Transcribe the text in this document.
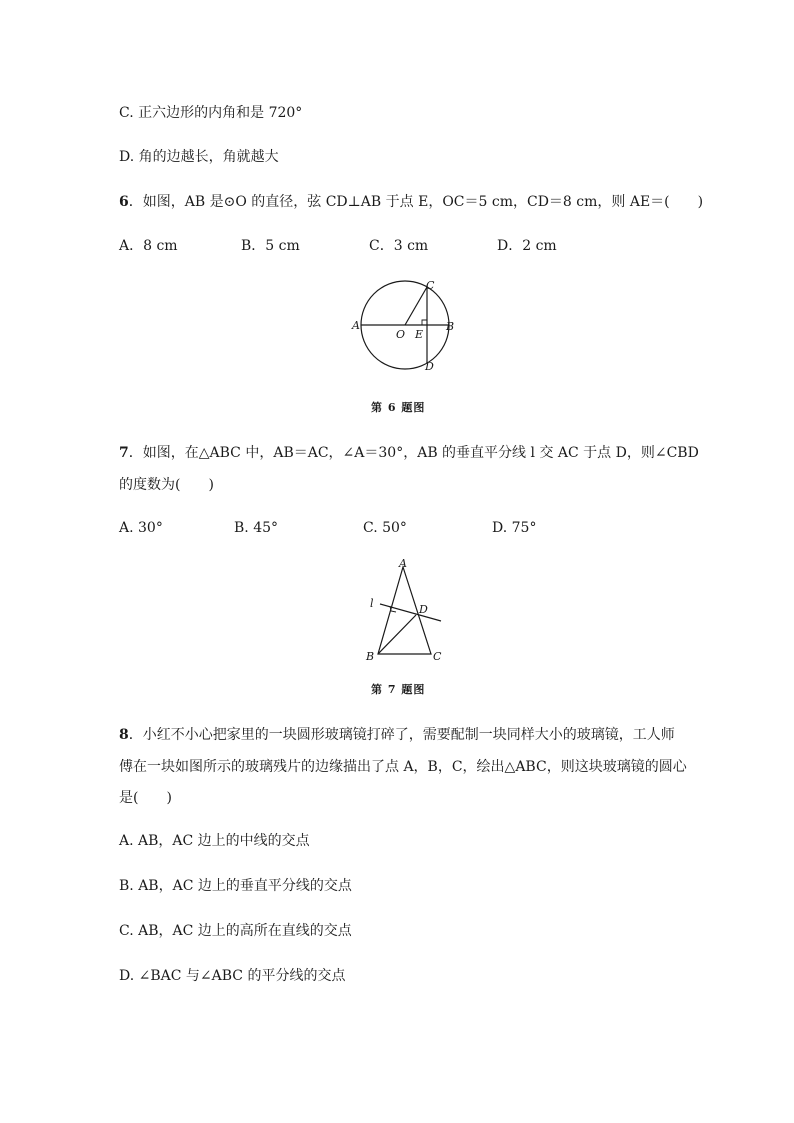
C. 正六边形的内角和是 720°
D. 角的边越长，角就越大
6．如图，AB 是⊙O 的直径，弦 CD⊥AB 于点 E，OC＝5 cm，CD＝8 cm，则 AE＝(　　)
A．8 cm	B．5 cm	C．3 cm	D．2 cm
A	B
C
D
O E
第 6 题图
7．如图，在△ABC 中，AB＝AC，∠A＝30°，AB 的垂直平分线 l 交 AC 于点 D，则∠CBD
的度数为(　　)
A. 30°	B. 45°	C. 50°	D. 75°
A
B	C
D
l
第 7 题图
8．小红不小心把家里的一块圆形玻璃镜打碎了，需要配制一块同样大小的玻璃镜，工人师
傅在一块如图所示的玻璃残片的边缘描出了点 A，B，C，绘出△ABC，则这块玻璃镜的圆心
是(　　)
A. AB，AC 边上的中线的交点
B. AB，AC 边上的垂直平分线的交点
C. AB，AC 边上的高所在直线的交点
D. ∠BAC 与∠ABC 的平分线的交点
